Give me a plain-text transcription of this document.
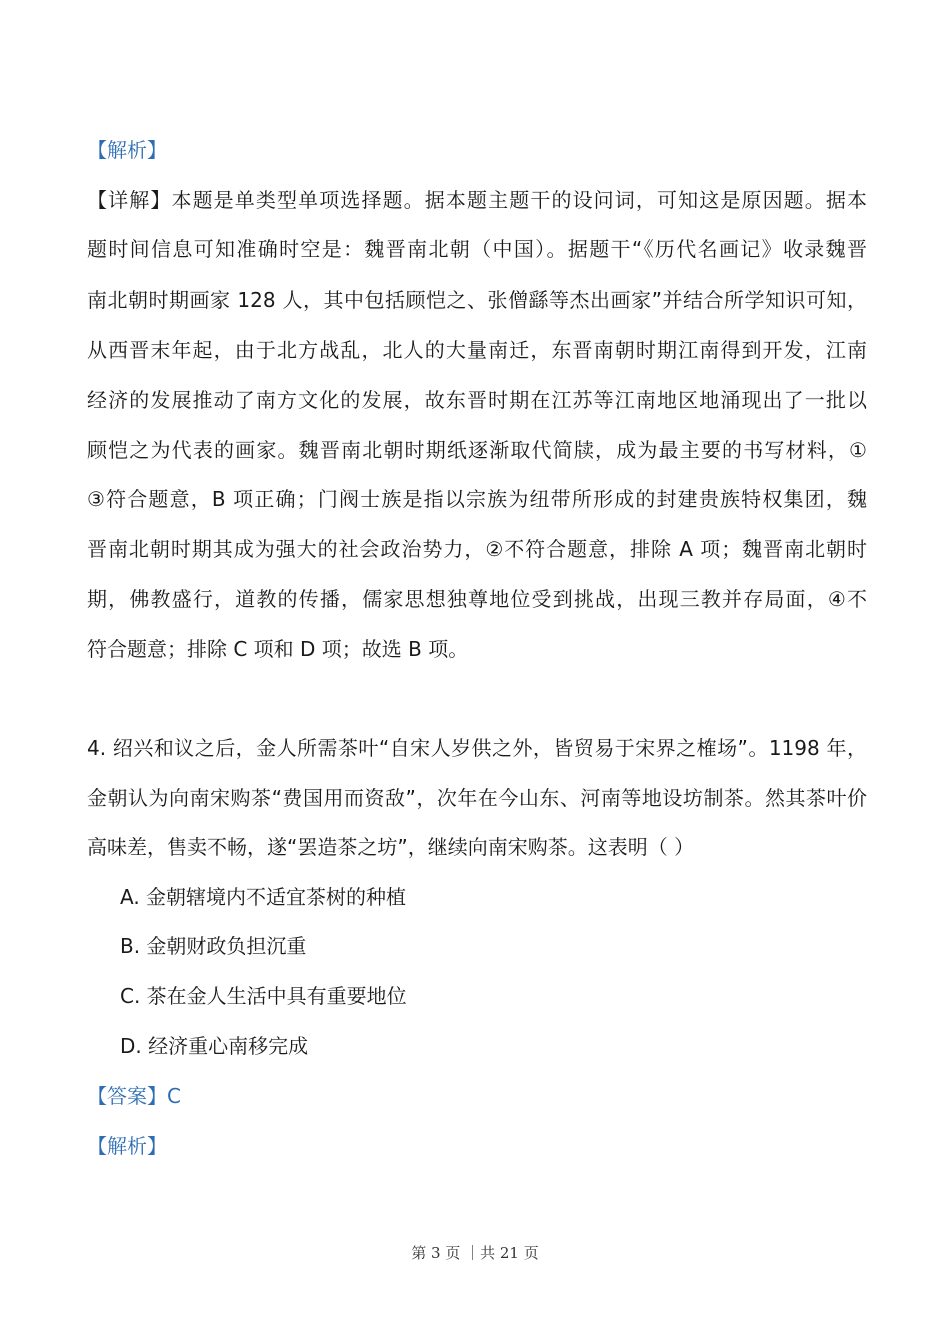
【解析】
【详解】本题是单类型单项选择题。据本题主题干的设问词，可知这是原因题。据本
题时间信息可知准确时空是：魏晋南北朝（中国）。据题干“《历代名画记》收录魏晋
南北朝时期画家 128 人，其中包括顾恺之、张僧繇等杰出画家”并结合所学知识可知，
从西晋末年起，由于北方战乱，北人的大量南迁，东晋南朝时期江南得到开发，江南
经济的发展推动了南方文化的发展，故东晋时期在江苏等江南地区地涌现出了一批以
顾恺之为代表的画家。魏晋南北朝时期纸逐渐取代简牍，成为最主要的书写材料，①
③符合题意，B 项正确；门阀士族是指以宗族为纽带所形成的封建贵族特权集团，魏
晋南北朝时期其成为强大的社会政治势力，②不符合题意，排除 A 项；魏晋南北朝时
期，佛教盛行，道教的传播，儒家思想独尊地位受到挑战，出现三教并存局面，④不
符合题意；排除 C 项和 D 项；故选 B 项。
4. 绍兴和议之后，金人所需茶叶“自宋人岁供之外，皆贸易于宋界之榷场”。1198 年，
金朝认为向南宋购茶“费国用而资敌”，次年在今山东、河南等地设坊制茶。然其茶叶价
高味差，售卖不畅，遂“罢造茶之坊”，继续向南宋购茶。这表明（ ）
A. 金朝辖境内不适宜茶树的种植
B. 金朝财政负担沉重
C. 茶在金人生活中具有重要地位
D. 经济重心南移完成
【答案】C
【解析】
第 3 页 ｜共 21 页
